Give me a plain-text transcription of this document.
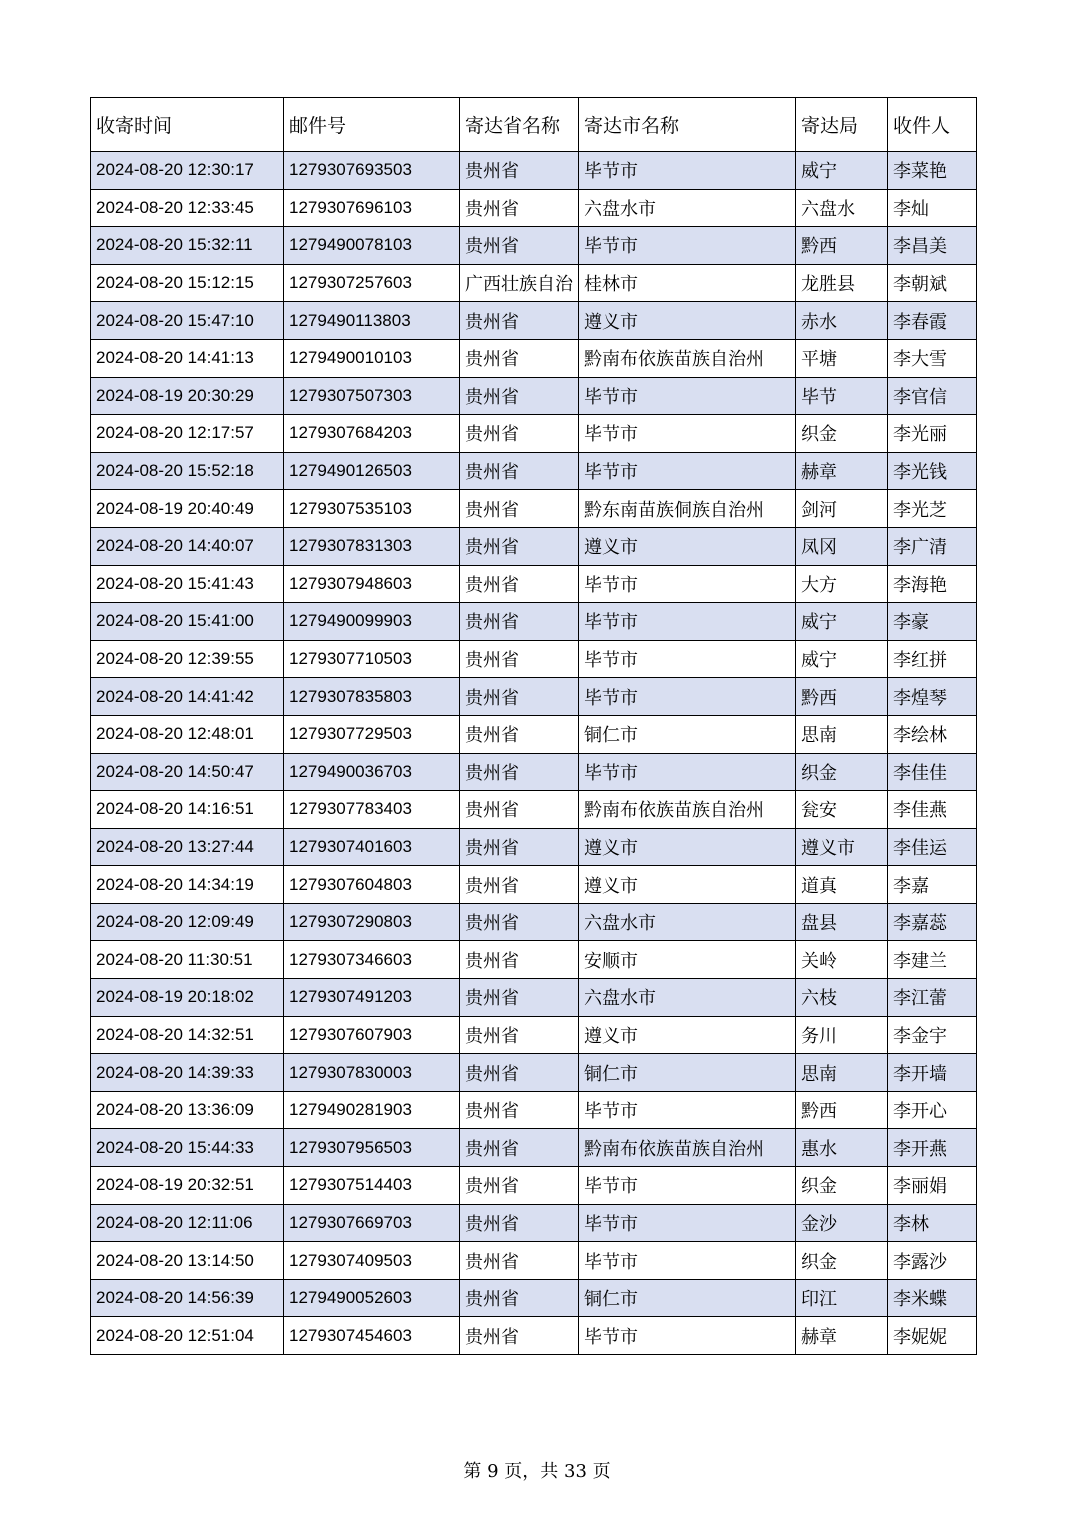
收寄时间	邮件号	寄达省名称	寄达市名称	寄达局	收件人
2024-08-20 12:30:17	1279307693503	贵州省	毕节市	威宁	李菜艳
2024-08-20 12:33:45	1279307696103	贵州省	六盘水市	六盘水	李灿
2024-08-20 15:32:11	1279490078103	贵州省	毕节市	黔西	李昌美
2024-08-20 15:12:15	1279307257603	广西壮族自治	桂林市	龙胜县	李朝斌
2024-08-20 15:47:10	1279490113803	贵州省	遵义市	赤水	李春霞
2024-08-20 14:41:13	1279490010103	贵州省	黔南布依族苗族自治州	平塘	李大雪
2024-08-19 20:30:29	1279307507303	贵州省	毕节市	毕节	李官信
2024-08-20 12:17:57	1279307684203	贵州省	毕节市	织金	李光丽
2024-08-20 15:52:18	1279490126503	贵州省	毕节市	赫章	李光钱
2024-08-19 20:40:49	1279307535103	贵州省	黔东南苗族侗族自治州	剑河	李光芝
2024-08-20 14:40:07	1279307831303	贵州省	遵义市	凤冈	李广清
2024-08-20 15:41:43	1279307948603	贵州省	毕节市	大方	李海艳
2024-08-20 15:41:00	1279490099903	贵州省	毕节市	威宁	李豪
2024-08-20 12:39:55	1279307710503	贵州省	毕节市	威宁	李红拼
2024-08-20 14:41:42	1279307835803	贵州省	毕节市	黔西	李煌琴
2024-08-20 12:48:01	1279307729503	贵州省	铜仁市	思南	李绘林
2024-08-20 14:50:47	1279490036703	贵州省	毕节市	织金	李佳佳
2024-08-20 14:16:51	1279307783403	贵州省	黔南布依族苗族自治州	瓮安	李佳燕
2024-08-20 13:27:44	1279307401603	贵州省	遵义市	遵义市	李佳运
2024-08-20 14:34:19	1279307604803	贵州省	遵义市	道真	李嘉
2024-08-20 12:09:49	1279307290803	贵州省	六盘水市	盘县	李嘉蕊
2024-08-20 11:30:51	1279307346603	贵州省	安顺市	关岭	李建兰
2024-08-19 20:18:02	1279307491203	贵州省	六盘水市	六枝	李江蕾
2024-08-20 14:32:51	1279307607903	贵州省	遵义市	务川	李金宇
2024-08-20 14:39:33	1279307830003	贵州省	铜仁市	思南	李开墙
2024-08-20 13:36:09	1279490281903	贵州省	毕节市	黔西	李开心
2024-08-20 15:44:33	1279307956503	贵州省	黔南布依族苗族自治州	惠水	李开燕
2024-08-19 20:32:51	1279307514403	贵州省	毕节市	织金	李丽娟
2024-08-20 12:11:06	1279307669703	贵州省	毕节市	金沙	李林
2024-08-20 13:14:50	1279307409503	贵州省	毕节市	织金	李露沙
2024-08-20 14:56:39	1279490052603	贵州省	铜仁市	印江	李米蝶
2024-08-20 12:51:04	1279307454603	贵州省	毕节市	赫章	李妮妮
第 9 页，共 33 页
